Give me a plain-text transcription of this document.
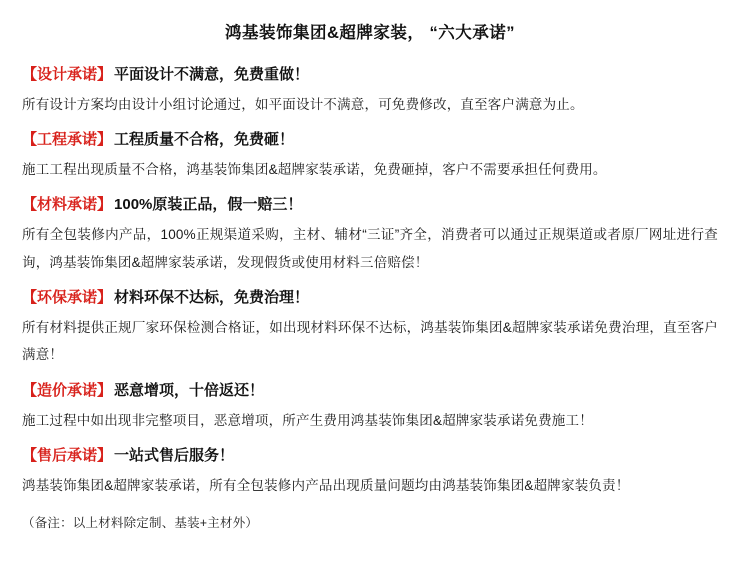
鸿基装饰集团&超牌家装， “六大承诺”
【设计承诺】 平面设计不满意，免费重做！
所有设计方案均由设计小组讨论通过，如平面设计不满意，可免费修改，直至客户满意为止。
【工程承诺】 工程质量不合格，免费砸！
施工工程出现质量不合格，鸿基装饰集团&超牌家装承诺，免费砸掉，客户不需要承担任何费用。
【材料承诺】 100%原装正品，假一赔三！
所有全包装修内产品，100%正规渠道采购，主材、辅材“三证”齐全，消费者可以通过正规渠道或者原厂网址进行查询，鸿基装饰集团&超牌家装承诺，发现假货或使用材料三倍赔偿！
【环保承诺】 材料环保不达标，免费治理！
所有材料提供正规厂家环保检测合格证，如出现材料环保不达标，鸿基装饰集团&超牌家装承诺免费治理，直至客户满意！
【造价承诺】 恶意增项，十倍返还！
施工过程中如出现非完整项目，恶意增项，所产生费用鸿基装饰集团&超牌家装承诺免费施工！
【售后承诺】 一站式售后服务！
鸿基装饰集团&超牌家装承诺，所有全包装修内产品出现质量问题均由鸿基装饰集团&超牌家装负责！
（备注：以上材料除定制、基装+主材外）
